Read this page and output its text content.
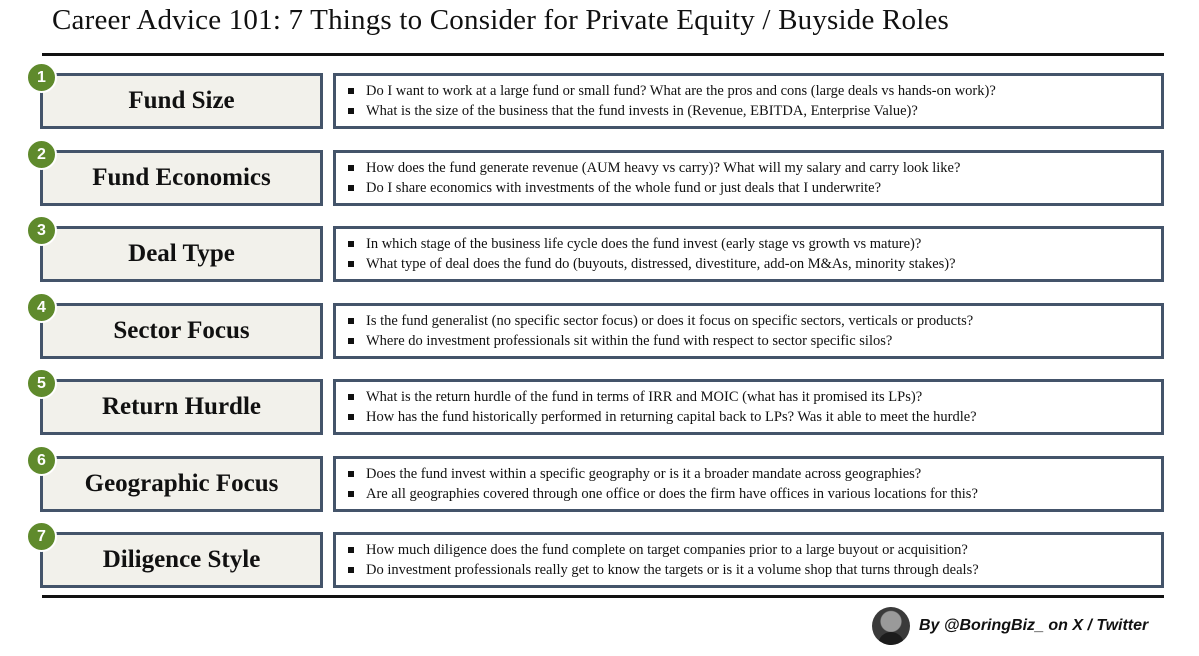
Career Advice 101: 7 Things to Consider for Private Equity / Buyside Roles
Fund Size	Do I want to work at a large fund or small fund? What are the pros and cons (large deals vs hands-on work)?
What is the size of the business that the fund invests in (Revenue, EBITDA, Enterprise Value)?
1
Fund Economics	How does the fund generate revenue (AUM heavy vs carry)? What will my salary and carry look like?
Do I share economics with investments of the whole fund or just deals that I underwrite?
2
Deal Type	In which stage of the business life cycle does the fund invest (early stage vs growth vs mature)?
What type of deal does the fund do (buyouts, distressed, divestiture, add-on M&As, minority stakes)?
3
Sector Focus	Is the fund generalist (no specific sector focus) or does it focus on specific sectors, verticals or products?
Where do investment professionals sit within the fund with respect to sector specific silos?
4
Return Hurdle	What is the return hurdle of the fund in terms of IRR and MOIC (what has it promised its LPs)?
How has the fund historically performed in returning capital back to LPs? Was it able to meet the hurdle?
5
Geographic Focus	Does the fund invest within a specific geography or is it a broader mandate across geographies?
Are all geographies covered through one office or does the firm have offices in various locations for this?
6
Diligence Style	How much diligence does the fund complete on target companies prior to a large buyout or acquisition?
Do investment professionals really get to know the targets or is it a volume shop that turns through deals?
7
By @BoringBiz_ on X / Twitter
